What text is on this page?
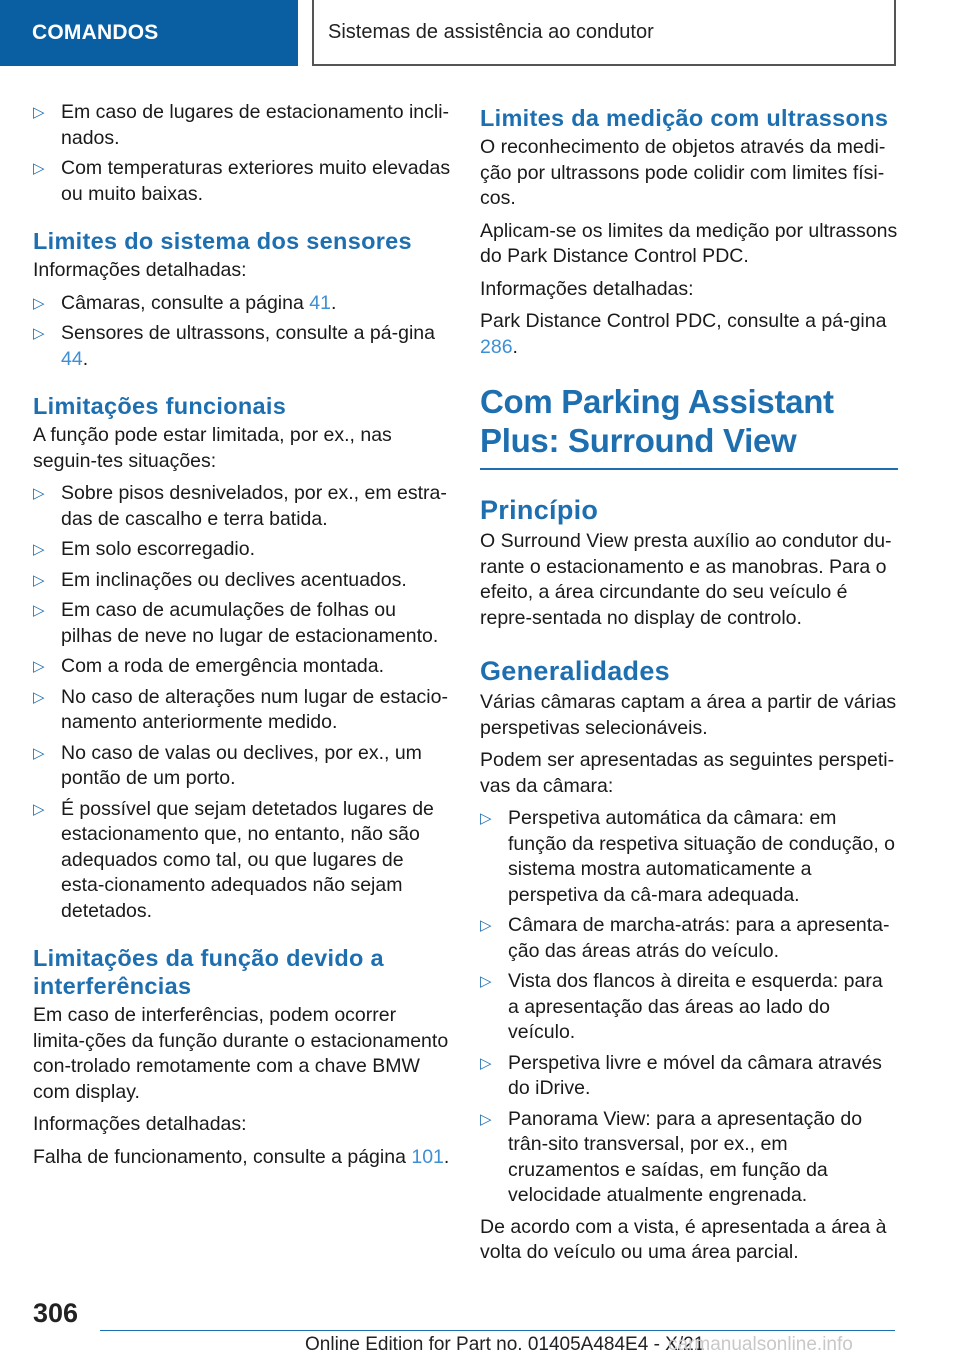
COMANDOS	Sistemas de assistência ao condutor
▷ Em caso de lugares de estacionamento incli-nados.
▷ Com temperaturas exteriores muito elevadas ou muito baixas.
Limites do sistema dos sensores
Informações detalhadas:
▷ Câmaras, consulte a página 41.
▷ Sensores de ultrassons, consulte a pá-gina 44.
Limitações funcionais
A função pode estar limitada, por ex., nas seguin-tes situações:
▷ Sobre pisos desnivelados, por ex., em estra-das de cascalho e terra batida.
▷ Em solo escorregadio.
▷ Em inclinações ou declives acentuados.
▷ Em caso de acumulações de folhas ou pilhas de neve no lugar de estacionamento.
▷ Com a roda de emergência montada.
▷ No caso de alterações num lugar de estacio-namento anteriormente medido.
▷ No caso de valas ou declives, por ex., um pontão de um porto.
▷ É possível que sejam detetados lugares de estacionamento que, no entanto, não são adequados como tal, ou que lugares de esta-cionamento adequados não sejam detetados.
Limitações da função devido a interferências
Em caso de interferências, podem ocorrer limita-ções da função durante o estacionamento con-trolado remotamente com a chave BMW com display.
Informações detalhadas:
Falha de funcionamento, consulte a página 101.
Limites da medição com ultrassons
O reconhecimento de objetos através da medi-ção por ultrassons pode colidir com limites físi-cos.
Aplicam-se os limites da medição por ultrassons do Park Distance Control PDC.
Informações detalhadas:
Park Distance Control PDC, consulte a pá-gina 286.
Com Parking Assistant Plus: Surround View
Princípio
O Surround View presta auxílio ao condutor du-rante o estacionamento e as manobras. Para o efeito, a área circundante do seu veículo é repre-sentada no display de controlo.
Generalidades
Várias câmaras captam a área a partir de várias perspetivas selecionáveis.
Podem ser apresentadas as seguintes perspeti-vas da câmara:
▷ Perspetiva automática da câmara: em função da respetiva situação de condução, o sistema mostra automaticamente a perspetiva da câ-mara adequada.
▷ Câmara de marcha-atrás: para a apresenta-ção das áreas atrás do veículo.
▷ Vista dos flancos à direita e esquerda: para a apresentação das áreas ao lado do veículo.
▷ Perspetiva livre e móvel da câmara através do iDrive.
▷ Panorama View: para a apresentação do trân-sito transversal, por ex., em cruzamentos e saídas, em função da velocidade atualmente engrenada.
De acordo com a vista, é apresentada a área à volta do veículo ou uma área parcial.
306
Online Edition for Part no. 01405A484E4 - X/21
carmanualsonline.info
